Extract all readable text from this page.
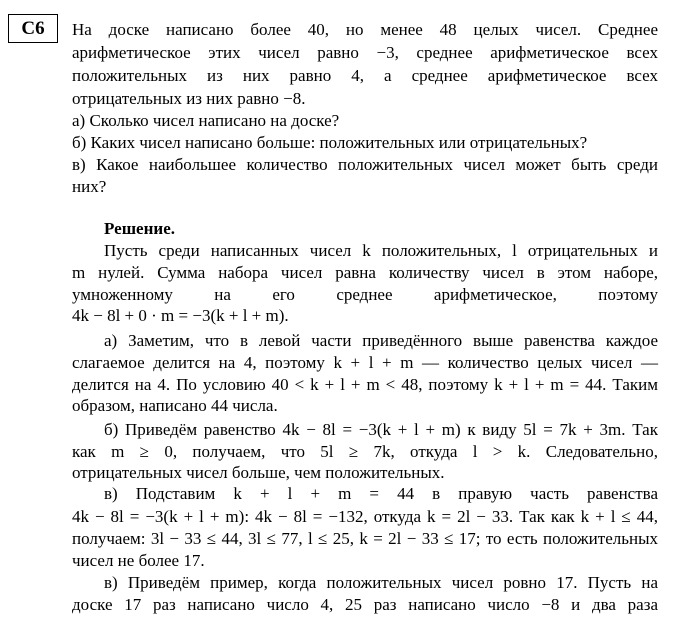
С6	На доске написано более 40, но менее 48 целых чисел. Среднее
арифметическое этих чисел равно −3, среднее арифметическое всех
положительных из них равно 4, а среднее арифметическое всех
отрицательных из них равно −8.
а) Сколько чисел написано на доске?
б) Каких чисел написано больше: положительных или отрицательных?
в) Какое наибольшее количество положительных чисел может быть среди
них?
Решение.
Пусть среди написанных чисел k положительных, l отрицательных и
m нулей. Сумма набора чисел равна количеству чисел в этом наборе,
умноженному на его среднее арифметическое, поэтому
4k − 8l + 0 · m = −3(k + l + m).
а) Заметим, что в левой части приведённого выше равенства каждое
слагаемое делится на 4, поэтому k + l + m — количество целых чисел —
делится на 4. По условию 40 < k + l + m < 48, поэтому k + l + m = 44. Таким
образом, написано 44 числа.
б) Приведём равенство 4k − 8l = −3(k + l + m) к виду 5l = 7k + 3m. Так
как m ≥ 0, получаем, что 5l ≥ 7k, откуда l > k. Следовательно,
отрицательных чисел больше, чем положительных.
в) Подставим k + l + m = 44 в правую часть равенства
4k − 8l = −3(k + l + m): 4k − 8l = −132, откуда k = 2l − 33. Так как k + l ≤ 44,
получаем: 3l − 33 ≤ 44, 3l ≤ 77, l ≤ 25, k = 2l − 33 ≤ 17; то есть положительных
чисел не более 17.
в) Приведём пример, когда положительных чисел ровно 17. Пусть на
доске 17 раз написано число 4, 25 раз написано число −8 и два раза
